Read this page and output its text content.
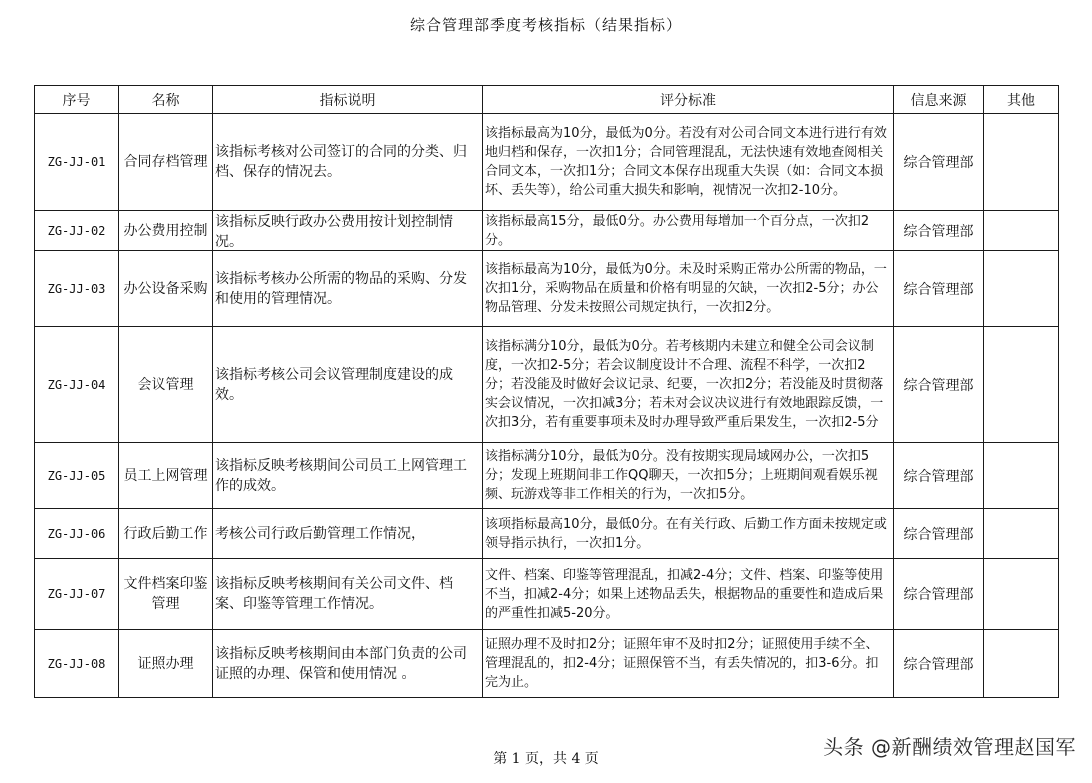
综合管理部季度考核指标（结果指标）
序号	名称	指标说明	评分标准	信息来源	其他
ZG-JJ-01	合同存档管理	该指标考核对公司签订的合同的分类、归档、保存的情况去。	该指标最高为10分，最低为0分。若没有对公司合同文本进行进行有效地归档和保存，一次扣1分；合同管理混乱，无法快速有效地查阅相关合同文本，一次扣1分；合同文本保存出现重大失误（如：合同文本损坏、丢失等），给公司重大损失和影响，视情况一次扣2-10分。	综合管理部	
ZG-JJ-02	办公费用控制	该指标反映行政办公费用按计划控制情况。	该指标最高15分，最低0分。办公费用每增加一个百分点，一次扣2分。	综合管理部	
ZG-JJ-03	办公设备采购	该指标考核办公所需的物品的采购、分发和使用的管理情况。	该指标最高为10分，最低为0分。未及时采购正常办公所需的物品，一次扣1分，采购物品在质量和价格有明显的欠缺，一次扣2-5分；办公物品管理、分发未按照公司规定执行，一次扣2分。	综合管理部	
ZG-JJ-04	会议管理	该指标考核公司会议管理制度建设的成效。	该指标满分10分，最低为0分。若考核期内未建立和健全公司会议制度，一次扣2-5分；若会议制度设计不合理、流程不科学，一次扣2分；若没能及时做好会议记录、纪要，一次扣2分；若没能及时贯彻落实会议情况，一次扣减3分；若未对会议决议进行有效地跟踪反馈，一次扣3分，若有重要事项未及时办理导致严重后果发生，一次扣2-5分	综合管理部	
ZG-JJ-05	员工上网管理	该指标反映考核期间公司员工上网管理工作的成效。	该指标满分10分，最低为0分。没有按期实现局域网办公，一次扣5分；发现上班期间非工作QQ聊天，一次扣5分；上班期间观看娱乐视频、玩游戏等非工作相关的行为，一次扣5分。	综合管理部	
ZG-JJ-06	行政后勤工作	考核公司行政后勤管理工作情况，	该项指标最高10分，最低0分。在有关行政、后勤工作方面未按规定或领导指示执行，一次扣1分。	综合管理部	
ZG-JJ-07	文件档案印鉴管理	该指标反映考核期间有关公司文件、档案、印鉴等管理工作情况。	文件、档案、印鉴等管理混乱，扣减2-4分；文件、档案、印鉴等使用不当，扣减2-4分；如果上述物品丢失，根据物品的重要性和造成后果的严重性扣减5-20分。	综合管理部	
ZG-JJ-08	证照办理	该指标反映考核期间由本部门负责的公司证照的办理、保管和使用情况 。	证照办理不及时扣2分；证照年审不及时扣2分；证照使用手续不全、管理混乱的，扣2-4分；证照保管不当，有丢失情况的，扣3-6分。扣完为止。	综合管理部	
第 1 页，共 4 页	头条 @新酬绩效管理赵国军
